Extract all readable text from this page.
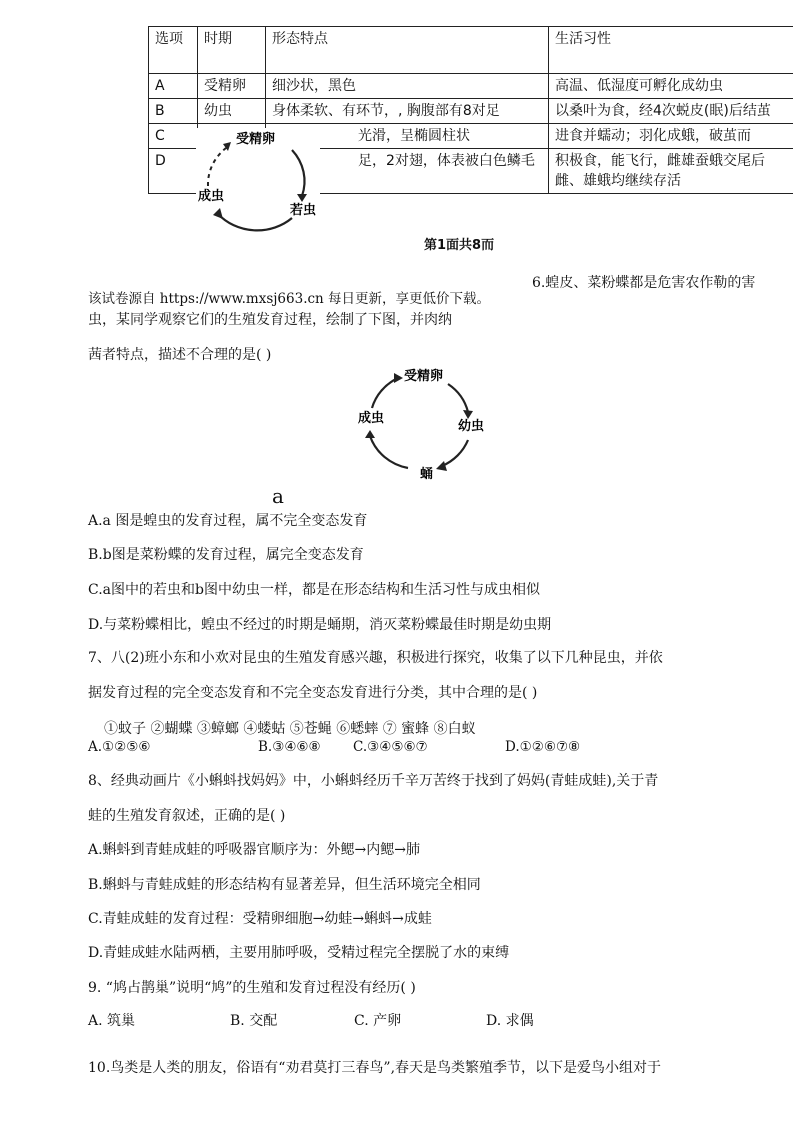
选项	时期	形态特点	生活习性
A	受精卵	细沙状，黑色	高温、低湿度可孵化成幼虫
B	幼虫	身体柔软、有环节，, 胸腹部有8对足	以桑叶为食，经4次蜕皮(眠)后结茧
C		光滑，呈椭圆柱状	进食并蠕动；羽化成蛾，破茧而
D		足，2对翅，体表被白色鳞毛	积极食，能飞行，雌雄蚕蛾交尾后雌、雄蛾均继续存活
受精卵
若虫
成虫
第1面共8而
6.蝗皮、菜粉蝶都是危害农作勒的害
该试卷源自 https://www.mxsj663.cn 每日更新，享更低价下载。
虫，某同学观察它们的生殖发育过程，绘制了下图，并肉纳
茜者特点，描述不合理的是( )
受精卵
幼虫
蛹
成虫
a
A.a 图是蝗虫的发育过程，属不完全变态发育
B.b图是菜粉蝶的发育过程，属完全变态发育
C.a图中的若虫和b图中幼虫一样，都是在形态结构和生活习性与成虫相似
D.与菜粉蝶相比，蝗虫不经过的时期是蛹期，消灭菜粉蝶最佳时期是幼虫期
7、八(2)班小东和小欢对昆虫的生殖发育感兴趣，积极进行探究，收集了以下几种昆虫，并依
据发育过程的完全变态发育和不完全变态发育进行分类，其中合理的是( )
①蚊子 ②蝴蝶 ③蟑螂 ④蝼蛄 ⑤苍蝇 ⑥蟋蟀 ⑦ 蜜蜂 ⑧白蚁
A.①②⑤⑥	B.③④⑥⑧ C.③④⑤⑥⑦	D.①②⑥⑦⑧
8、经典动画片《小蝌蚪找妈妈》中，小蝌蚪经历千辛万苦终于找到了妈妈(青蛙成蛙),关于青
蛙的生殖发育叙述，正确的是( )
A.蝌蚪到青蛙成蛙的呼吸器官顺序为：外鳃→内鳃→肺
B.蝌蚪与青蛙成蛙的形态结构有显著差异，但生活环境完全相同
C.青蛙成蛙的发育过程：受精卵细胞→幼蛙→蝌蚪→成蛙
D.青蛙成蛙水陆两栖，主要用肺呼吸，受精过程完全摆脱了水的束缚
9. “鸠占鹊巢”说明“鸠”的生殖和发育过程没有经历( )
A. 筑巢	B. 交配	C. 产卵	D. 求偶
10.鸟类是人类的朋友，俗语有“劝君莫打三春鸟”,春天是鸟类繁殖季节，以下是爱鸟小组对于
